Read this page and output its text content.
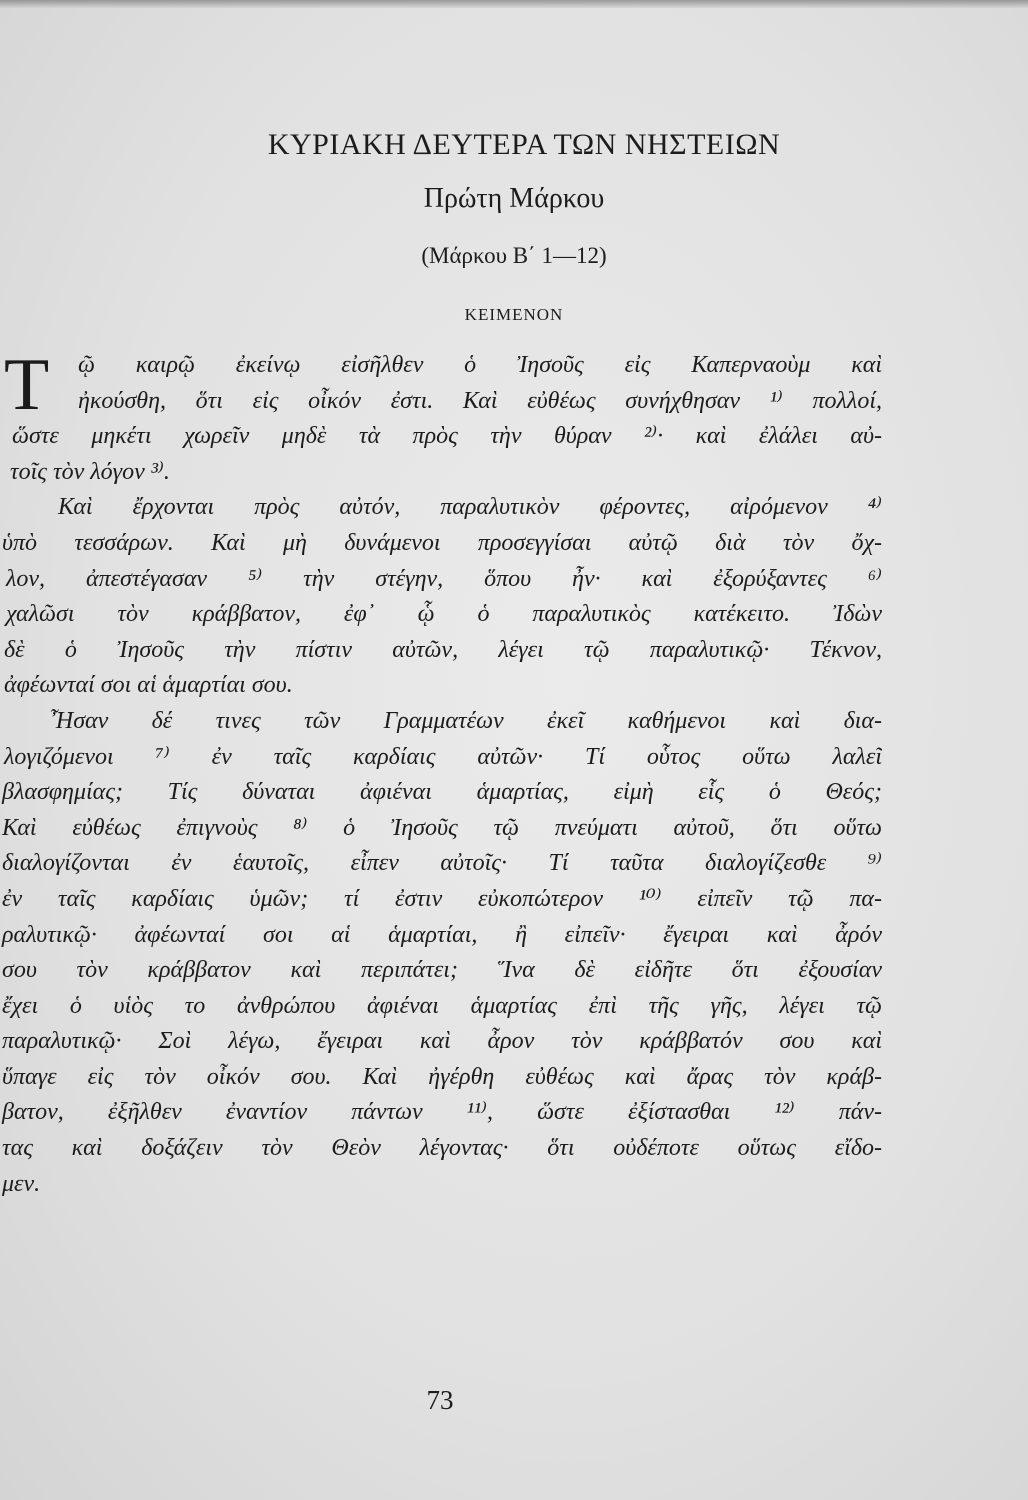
ΚΥΡΙΑΚΗ ΔΕΥΤΕΡΑ ΤΩΝ ΝΗΣΤΕΙΩΝ
Πρώτη Μάρκου
(Μάρκου Β΄ 1—12)
ΚΕΙΜΕΝΟΝ
Τ	ῷ καιρῷ ἐκείνῳ εἰσῆλθεν ὁ Ἰησοῦς εἰς Καπερναοὺμ καὶ
ἠκούσθη, ὅτι εἰς οἶκόν ἐστι. Καὶ εὐθέως συνήχθησαν ¹⁾ πολλοί,
ὥστε μηκέτι χωρεῖν μηδὲ τὰ πρὸς τὴν θύραν ²⁾· καὶ ἐλάλει αὐ-
τοῖς τὸν λόγον ³⁾.
Καὶ ἔρχονται πρὸς αὐτόν, παραλυτικὸν φέροντες, αἰρόμενον ⁴⁾
ὑπὸ τεσσάρων. Καὶ μὴ δυνάμενοι προσεγγίσαι αὐτῷ διὰ τὸν ὄχ-
λον, ἀπεστέγασαν ⁵⁾ τὴν στέγην, ὅπου ἦν· καὶ ἐξορύξαντες ⁶⁾
χαλῶσι τὸν κράββατον, ἐφ᾿ ᾧ ὁ παραλυτικὸς κατέκειτο. Ἰδὼν
δὲ ὁ Ἰησοῦς τὴν πίστιν αὐτῶν, λέγει τῷ παραλυτικῷ· Τέκνον,
ἀφέωνταί σοι αἱ ἁμαρτίαι σου.
Ἦσαν δέ τινες τῶν Γραμματέων ἐκεῖ καθήμενοι καὶ δια-
λογιζόμενοι ⁷⁾ ἐν ταῖς καρδίαις αὐτῶν· Τί οὗτος οὕτω λαλεῖ
βλασφημίας; Τίς δύναται ἀφιέναι ἁμαρτίας, εἰμὴ εἷς ὁ Θεός;
Καὶ εὐθέως ἐπιγνοὺς ⁸⁾ ὁ Ἰησοῦς τῷ πνεύματι αὐτοῦ, ὅτι οὕτω
διαλογίζονται ἐν ἑαυτοῖς, εἶπεν αὐτοῖς· Τί ταῦτα διαλογίζεσθε ⁹⁾
ἐν ταῖς καρδίαις ὑμῶν; τί ἐστιν εὐκοπώτερον ¹⁰⁾ εἰπεῖν τῷ πα-
ραλυτικῷ· ἀφέωνταί σοι αἱ ἁμαρτίαι, ἢ εἰπεῖν· ἔγειραι καὶ ἆρόν
σου τὸν κράββατον καὶ περιπάτει; Ἵνα δὲ εἰδῆτε ὅτι ἐξουσίαν
ἔχει ὁ υἱὸς το ἀνθρώπου ἀφιέναι ἁμαρτίας ἐπὶ τῆς γῆς, λέγει τῷ
παραλυτικῷ· Σοὶ λέγω, ἔγειραι καὶ ἆρον τὸν κράββατόν σου καὶ
ὕπαγε εἰς τὸν οἶκόν σου. Καὶ ἠγέρθη εὐθέως καὶ ἄρας τὸν κράβ-
βατον, ἐξῆλθεν ἐναντίον πάντων ¹¹⁾, ὥστε ἐξίστασθαι ¹²⁾ πάν-
τας καὶ δοξάζειν τὸν Θεὸν λέγοντας· ὅτι οὐδέποτε οὕτως εἴδο-
μεν.
73
